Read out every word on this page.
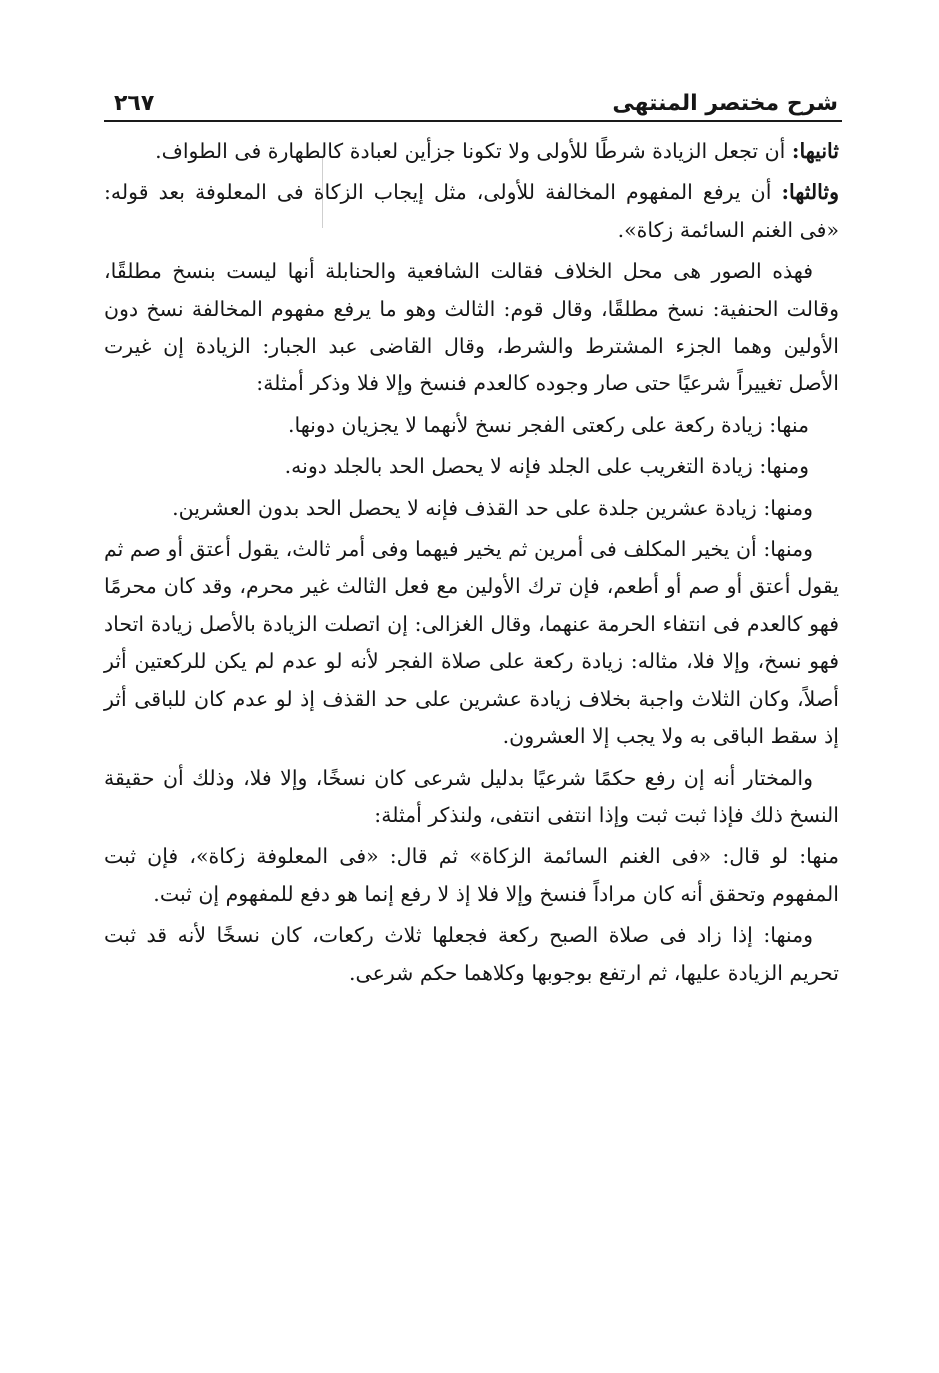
شرح مختصر المنتهى
٢٦٧

ثانيها: أن تجعل الزيادة شرطًا للأولى ولا تكونا جزأين لعبادة كالطهارة فى الطواف.

وثالثها: أن يرفع المفهوم المخالفة للأولى، مثل إيجاب الزكاة فى المعلوفة بعد قوله: «فى الغنم السائمة زكاة».

فهذه الصور هى محل الخلاف فقالت الشافعية والحنابلة أنها ليست بنسخ مطلقًا، وقالت الحنفية: نسخ مطلقًا، وقال قوم: الثالث وهو ما يرفع مفهوم المخالفة نسخ دون الأولين وهما الجزء المشترط والشرط، وقال القاضى عبد الجبار: الزيادة إن غيرت الأصل تغييراً شرعيًا حتى صار وجوده كالعدم فنسخ وإلا فلا وذكر أمثلة:

منها: زيادة ركعة على ركعتى الفجر نسخ لأنهما لا يجزيان دونها.

ومنها: زيادة التغريب على الجلد فإنه لا يحصل الحد بالجلد دونه.

ومنها: زيادة عشرين جلدة على حد القذف فإنه لا يحصل الحد بدون العشرين.

ومنها: أن يخير المكلف فى أمرين ثم يخير فيهما وفى أمر ثالث، يقول أعتق أو صم ثم يقول أعتق أو صم أو أطعم، فإن ترك الأولين مع فعل الثالث غير محرم، وقد كان محرمًا فهو كالعدم فى انتفاء الحرمة عنهما، وقال الغزالى: إن اتصلت الزيادة بالأصل زيادة اتحاد فهو نسخ، وإلا فلا، مثاله: زيادة ركعة على صلاة الفجر لأنه لو عدم لم يكن للركعتين أثر أصلاً، وكان الثلاث واجبة بخلاف زيادة عشرين على حد القذف إذ لو عدم كان للباقى أثر إذ سقط الباقى به ولا يجب إلا العشرون.

والمختار أنه إن رفع حكمًا شرعيًا بدليل شرعى كان نسخًا، وإلا فلا، وذلك أن حقيقة النسخ ذلك فإذا ثبت ثبت وإذا انتفى انتفى، ولنذكر أمثلة:

منها: لو قال: «فى الغنم السائمة الزكاة» ثم قال: «فى المعلوفة زكاة»، فإن ثبت المفهوم وتحقق أنه كان مراداً فنسخ وإلا فلا إذ لا رفع إنما هو دفع للمفهوم إن ثبت.

ومنها: إذا زاد فى صلاة الصبح ركعة فجعلها ثلاث ركعات، كان نسخًا لأنه قد ثبت تحريم الزيادة عليها، ثم ارتفع بوجوبها وكلاهما حكم شرعى.
